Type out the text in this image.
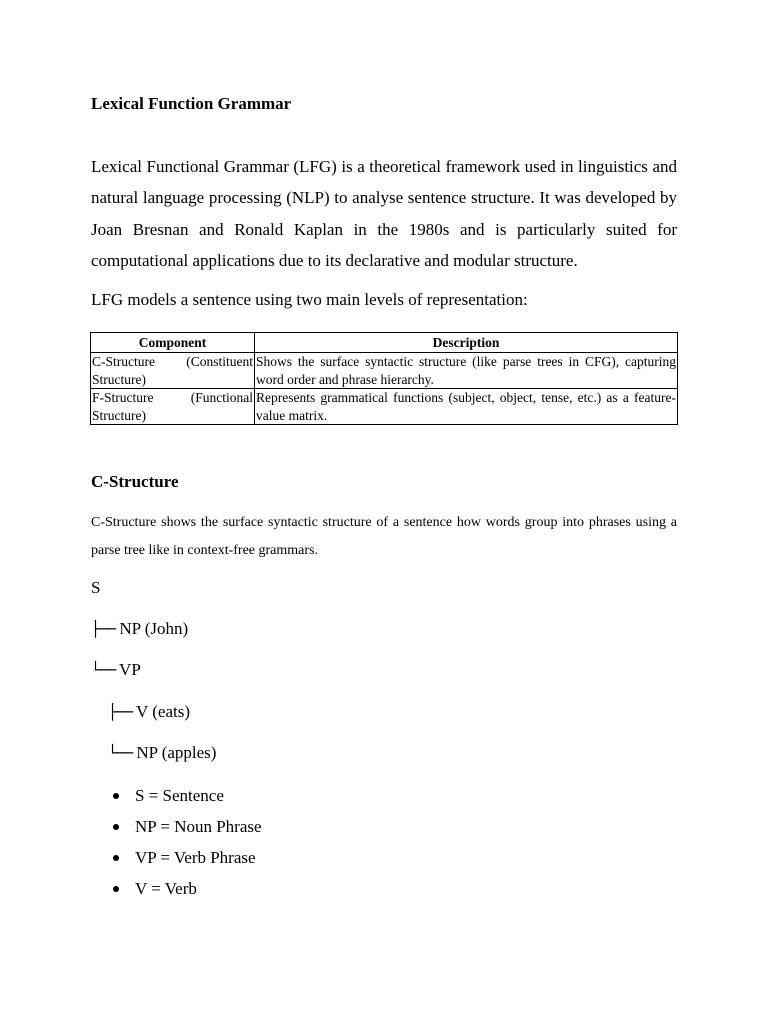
Lexical Function Grammar

Lexical Functional Grammar (LFG) is a theoretical framework used in linguistics and natural language processing (NLP) to analyse sentence structure. It was developed by Joan Bresnan and Ronald Kaplan in the 1980s and is particularly suited for computational applications due to its declarative and modular structure.

LFG models a sentence using two main levels of representation:

Component	Description
C-Structure (Constituent Structure)	Shows the surface syntactic structure (like parse trees in CFG), capturing word order and phrase hierarchy.
F-Structure (Functional Structure)	Represents grammatical functions (subject, object, tense, etc.) as a feature-value matrix.
C-Structure

C-Structure shows the surface syntactic structure of a sentence how words group into phrases using a parse tree like in context-free grammars.

S
├── NP (John)
└── VP
├── V (eats)
└── NP (apples)
S = Sentence
NP = Noun Phrase
VP = Verb Phrase
V = Verb
